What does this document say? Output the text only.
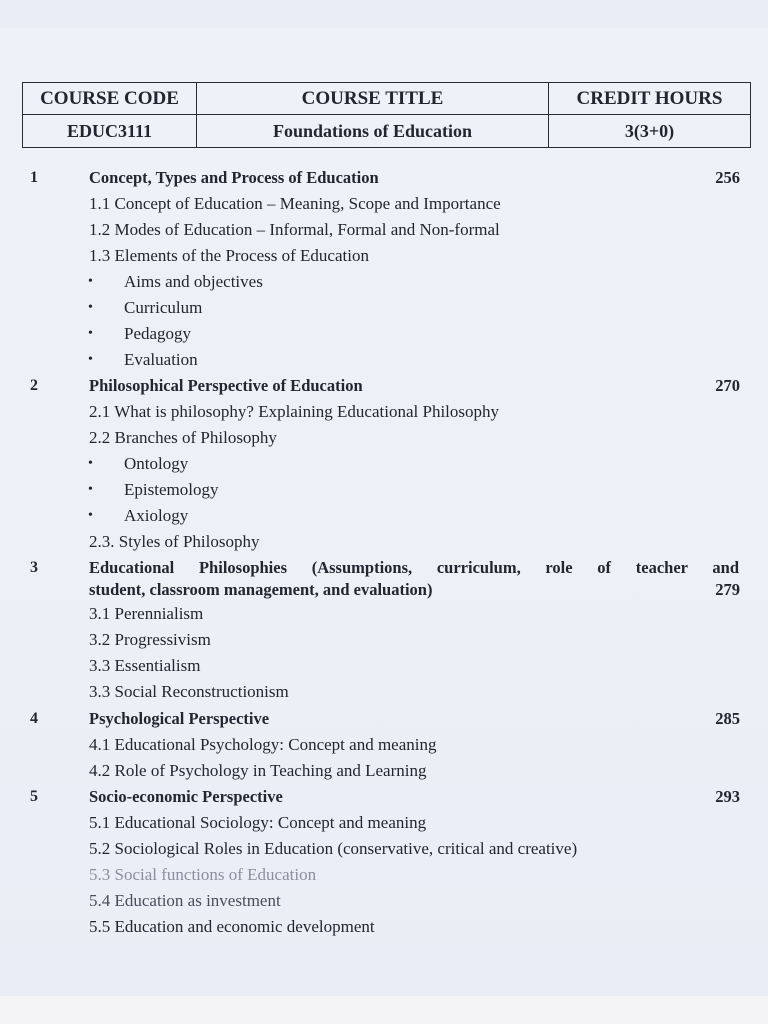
COURSE CODE	COURSE TITLE	CREDIT HOURS
EDUC3111	Foundations of Education	3(3+0)
1	Concept, Types and Process of Education	256
1.1 Concept of Education – Meaning, Scope and Importance
1.2 Modes of Education – Informal, Formal and Non-formal
1.3 Elements of the Process of Education
• Aims and objectives
• Curriculum
• Pedagogy
• Evaluation
2	Philosophical Perspective of Education	270
2.1 What is philosophy? Explaining Educational Philosophy
2.2 Branches of Philosophy
• Ontology
• Epistemology
• Axiology
2.3. Styles of Philosophy
3	Educational Philosophies (Assumptions, curriculum, role of teacher and
student, classroom management, and evaluation)	279
3.1 Perennialism
3.2 Progressivism
3.3 Essentialism
3.3 Social Reconstructionism
4	Psychological Perspective	285
4.1 Educational Psychology: Concept and meaning
4.2 Role of Psychology in Teaching and Learning
5	Socio-economic Perspective	293
5.1 Educational Sociology: Concept and meaning
5.2 Sociological Roles in Education (conservative, critical and creative)
5.3 Social functions of Education
5.4 Education as investment
5.5 Education and economic development
